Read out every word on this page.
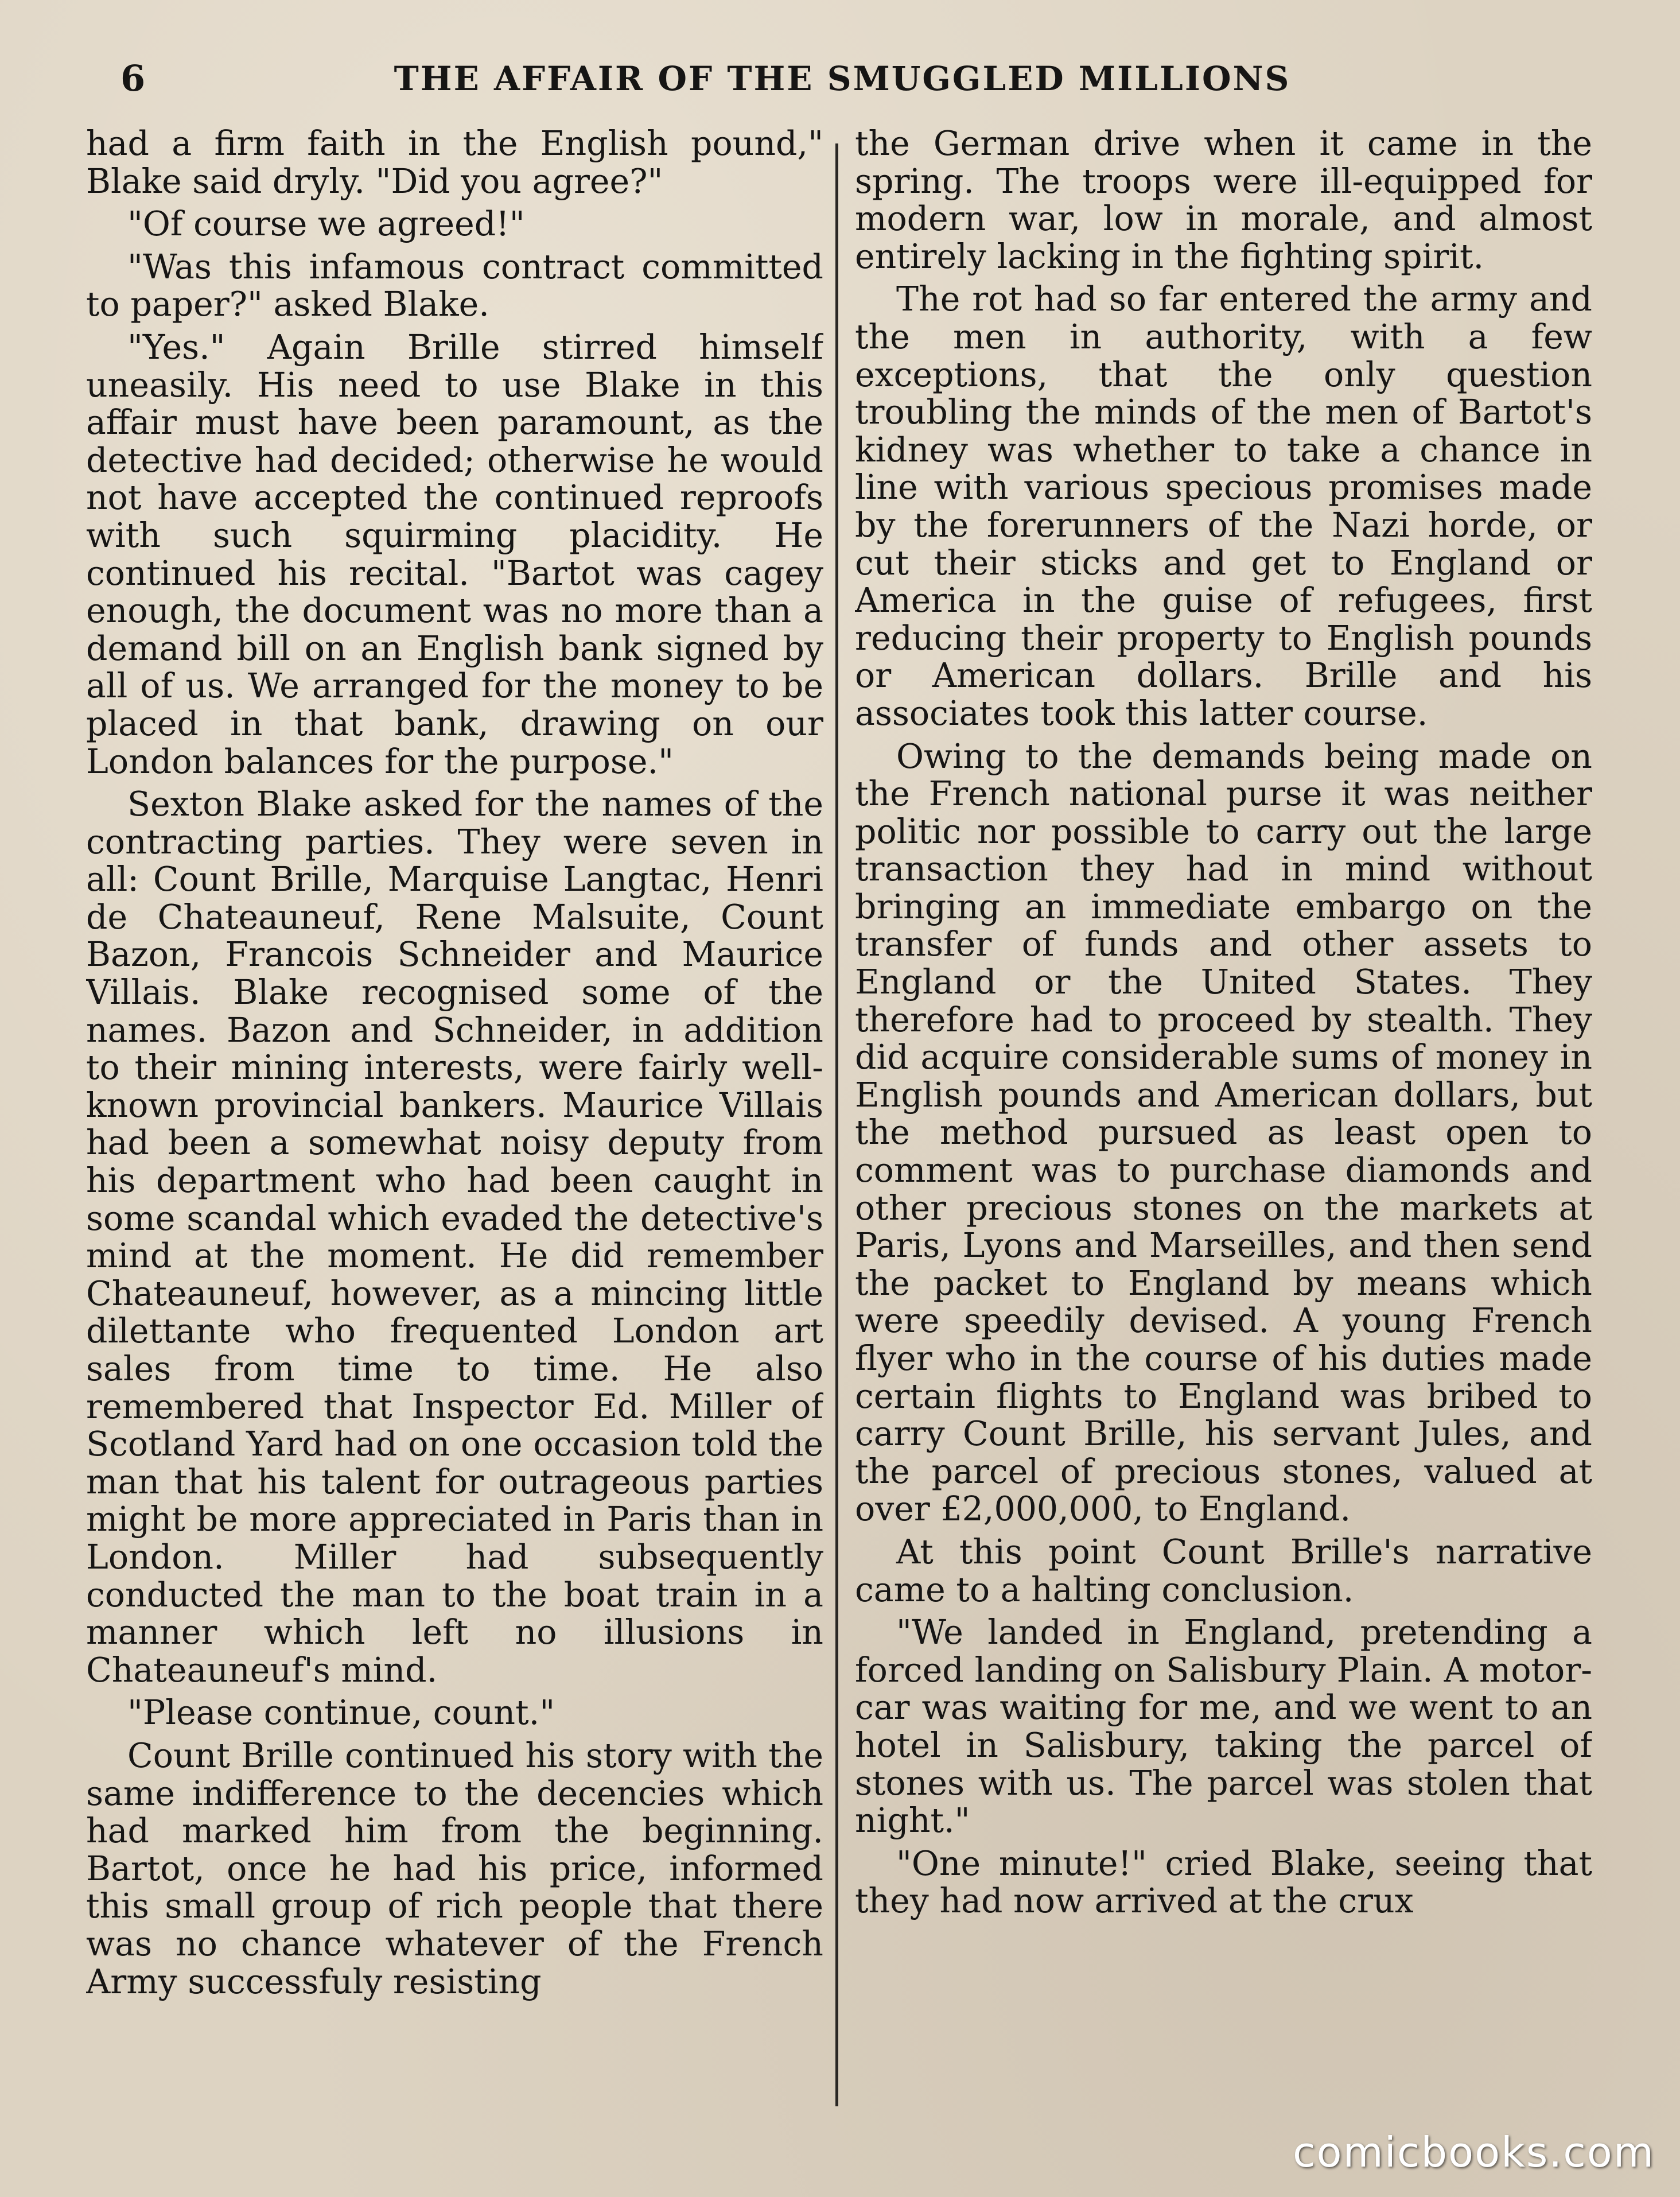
6	THE AFFAIR OF THE SMUGGLED MILLIONS

had a firm faith in the English pound," Blake said dryly. "Did you agree?"

"Of course we agreed!"

"Was this infamous contract committed to paper?" asked Blake.

"Yes." Again Brille stirred himself uneasily. His need to use Blake in this affair must have been paramount, as the detective had decided; otherwise he would not have accepted the continued reproofs with such squirming placidity. He continued his recital. "Bartot was cagey enough, the document was no more than a demand bill on an English bank signed by all of us. We arranged for the money to be placed in that bank, drawing on our London balances for the purpose."

Sexton Blake asked for the names of the contracting parties. They were seven in all: Count Brille, Marquise Langtac, Henri de Chateauneuf, Rene Malsuite, Count Bazon, Francois Schneider and Maurice Villais. Blake recognised some of the names. Bazon and Schneider, in addition to their mining interests, were fairly well-known provincial bankers. Maurice Villais had been a somewhat noisy deputy from his department who had been caught in some scandal which evaded the detective's mind at the moment. He did remember Chateauneuf, however, as a mincing little dilettante who frequented London art sales from time to time. He also remembered that Inspector Ed. Miller of Scotland Yard had on one occasion told the man that his talent for outrageous parties might be more appreciated in Paris than in London. Miller had subsequently conducted the man to the boat train in a manner which left no illusions in Chateauneuf's mind.

"Please continue, count."

Count Brille continued his story with the same indifference to the decencies which had marked him from the beginning. Bartot, once he had his price, informed this small group of rich people that there was no chance whatever of the French Army successfuly resisting

the German drive when it came in the spring. The troops were ill-equipped for modern war, low in morale, and almost entirely lacking in the fighting spirit.

The rot had so far entered the army and the men in authority, with a few exceptions, that the only question troubling the minds of the men of Bartot's kidney was whether to take a chance in line with various specious promises made by the forerunners of the Nazi horde, or cut their sticks and get to England or America in the guise of refugees, first reducing their property to English pounds or American dollars. Brille and his associates took this latter course.

Owing to the demands being made on the French national purse it was neither politic nor possible to carry out the large transaction they had in mind without bringing an immediate embargo on the transfer of funds and other assets to England or the United States. They therefore had to proceed by stealth. They did acquire considerable sums of money in English pounds and American dollars, but the method pursued as least open to comment was to purchase diamonds and other precious stones on the markets at Paris, Lyons and Marseilles, and then send the packet to England by means which were speedily devised. A young French flyer who in the course of his duties made certain flights to England was bribed to carry Count Brille, his servant Jules, and the parcel of precious stones, valued at over £2,000,000, to England.

At this point Count Brille's narrative came to a halting conclusion.

"We landed in England, pretending a forced landing on Salisbury Plain. A motor-car was waiting for me, and we went to an hotel in Salisbury, taking the parcel of stones with us. The parcel was stolen that night."

"One minute!" cried Blake, seeing that they had now arrived at the crux

comicbooks.com
